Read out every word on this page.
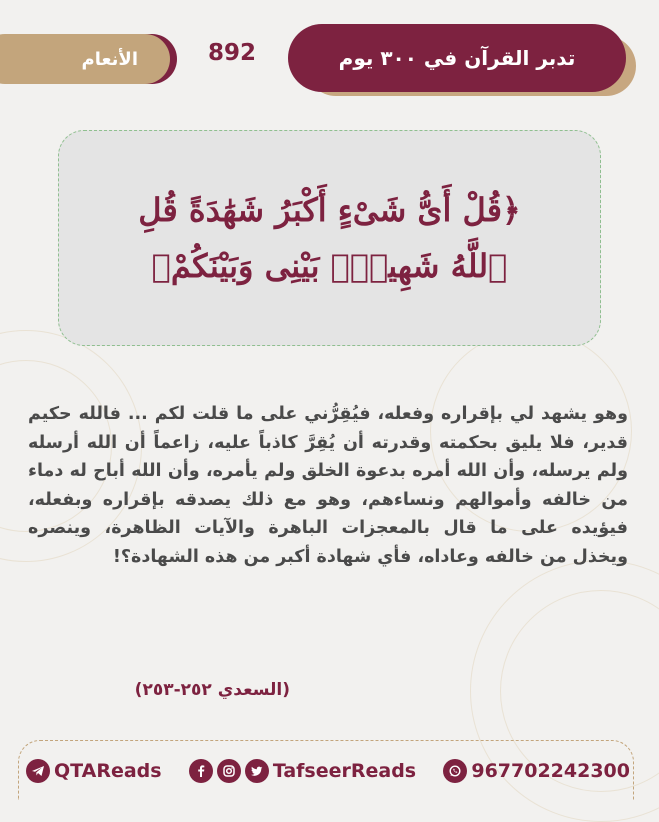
الأنعام	892	تدبر القرآن في ٣٠٠ يوم
﴿قُلْ أَىُّ شَىْءٍ أَكْبَرُ شَهَٰدَةً قُلِ
ٱللَّهُ شَهِيدٌۢ بَيْنِى وَبَيْنَكُمْ﴾
وهو يشهد لي بإقراره وفعله، فيُقِرُّني على ما قلت لكم ... فالله حكيم قدير، فلا يليق بحكمته وقدرته أن يُقِرَّ كاذباً عليه، زاعماً أن الله أرسله ولم يرسله، وأن الله أمره بدعوة الخلق ولم يأمره، وأن الله أباح له دماء من خالفه وأموالهم ونساءهم، وهو مع ذلك يصدقه بإقراره وبفعله، فيؤيده على ما قال بالمعجزات الباهرة والآيات الظاهرة، وينصره ويخذل من خالفه وعاداه، فأي شهادة أكبر من هذه الشهادة؟!
(السعدي ٢٥٢-٢٥٣)
QTAReads	TafseerReads	967702242300
